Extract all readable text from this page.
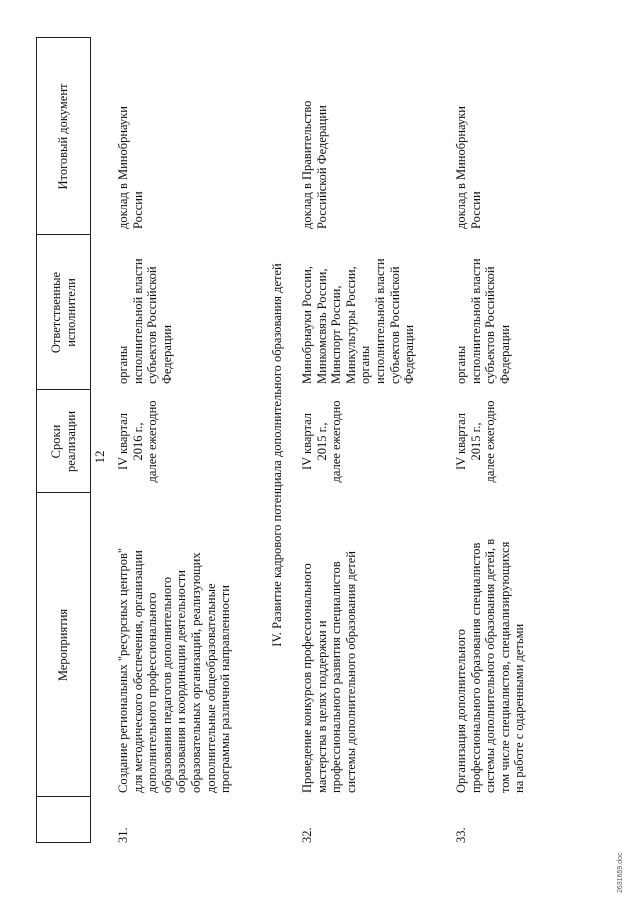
12
Мероприятия
Сроки
реализации
Ответственные
исполнители
Итоговый документ
31.
Создание региональных "ресурсных центров"
для методического обеспечения, организации
дополнительного профессионального
образования педагогов дополнительного
образования и координации деятельности
образовательных организаций, реализующих
дополнительные общеобразовательные
программы различной направленности
IV квартал
2016 г.,
далее ежегодно
органы
исполнительной власти
субъектов Российской
Федерации
доклад в Минобрнауки
России
IV. Развитие кадрового потенциала дополнительного образования детей
32.
Проведение конкурсов профессионального
мастерства в целях поддержки и
профессионального развития специалистов
системы дополнительного образования детей
IV квартал
2015 г.,
далее ежегодно
Минобрнауки России,
Минкомсвязь России,
Минспорт России,
Минкультуры России,
органы
исполнительной власти
субъектов Российской
Федерации
доклад в Правительство
Российской Федерации
33.
Организация дополнительного
профессионального образования специалистов
системы дополнительного образования детей, в
том числе специалистов, специализирующихся
на работе с одаренными детьми
IV квартал
2015 г.,
далее ежегодно
органы
исполнительной власти
субъектов Российской
Федерации
доклад в Минобрнауки
России
2631659.doc
